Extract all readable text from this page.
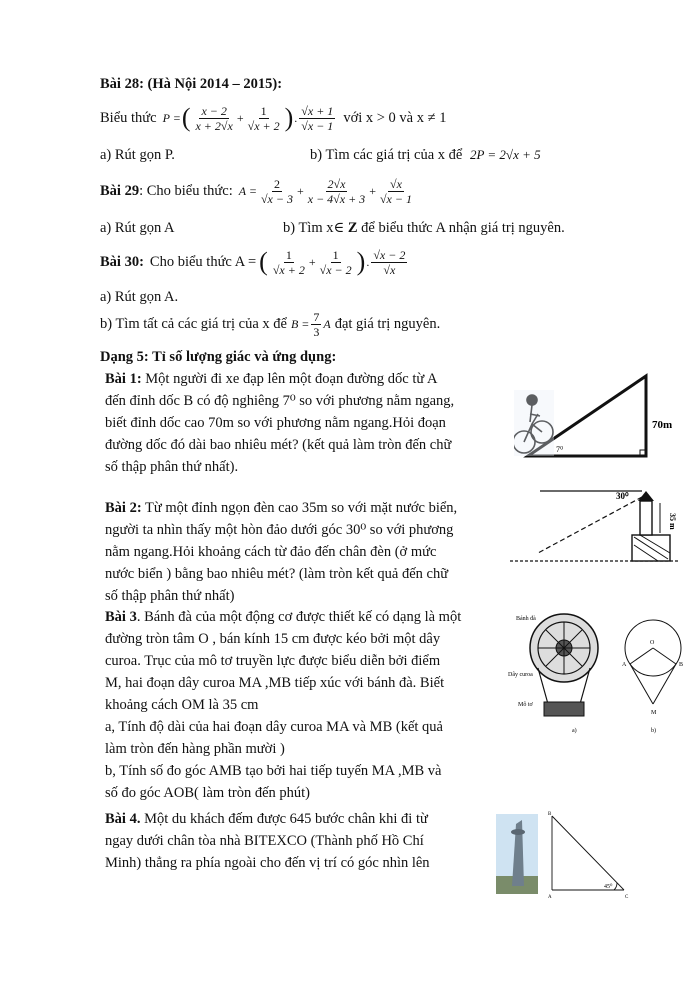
Bài 28: (Hà Nội 2014 – 2015):
Biểu thức P = ( $\frac{x - 2}{x + 2√x} + \frac{1}{√x + 2}$ ) . $\frac{√x + 1}{√x - 1}$ với x > 0 và x ≠ 1
a) Rút gọn P.	b) Tìm các giá trị của x để 2P = 2√x + 5
Bài 29 : Cho biểu thức: $A = \frac{2}{√x - 3} + \frac{2√x}{x - 4√x + 3} + \frac{√x}{√x - 1}$
a) Rút gọn A	b) Tìm x∈ Z để biểu thức A nhận giá trị nguyên.
Bài 30: Cho biểu thức A = ( $\frac{1}{√x + 2} + \frac{1}{√x - 2}$ ) . $\frac{√x - 2}{√x}$
a) Rút gọn A.
b) Tìm tất cả các giá trị của x để $B = \frac{7}{3}$ A đạt giá trị nguyên.
Dạng 5: Tỉ số lượng giác và ứng dụng:
Bài 1: Một người đi xe đạp lên một đoạn đường dốc từ A
đến đỉnh dốc B có độ nghiêng 7⁰ so với phương nằm ngang,
biết đỉnh dốc cao 70m so với phương nằm ngang.Hỏi đoạn
đường dốc đó dài bao nhiêu mét? (kết quả làm tròn đến chữ
số thập phân thứ nhất).
70m
7⁰
Bài 2: Từ một đỉnh ngọn đèn cao 35m so với mặt nước biển,
người ta nhìn thấy một hòn đảo dưới góc 30⁰ so với phương
nằm ngang.Hỏi khoảng cách từ đảo đến chân đèn (ở mức
nước biển ) bằng bao nhiêu mét? (làm tròn kết quả đến chữ
số thập phân thứ nhất)
30⁰
35 m
Bài 3. Bánh đà của một động cơ được thiết kế có dạng là một
đường tròn tâm O , bán kính 15 cm được kéo bởi một dây
curoa. Trục của mô tơ truyền lực được biểu diễn bởi điểm
M, hai đoạn dây curoa MA ,MB tiếp xúc với bánh đà. Biết
khoảng cách OM là 35 cm
a, Tính độ dài của hai đoạn dây curoa MA và MB (kết quả
làm tròn đến hàng phần mười )
b, Tính số đo góc AMB tạo bởi hai tiếp tuyến MA ,MB và
số đo góc AOB( làm tròn đến phút)
Bánh đà
Dây curoa
Mô tơ
a)
O
A	B
M
b)
Bài 4. Một du khách đếm được 645 bước chân khi đi từ
ngay dưới chân tòa nhà BITEXCO (Thành phố Hồ Chí
Minh) thẳng ra phía ngoài cho đến vị trí có góc nhìn lên
B
A	C
45⁰
